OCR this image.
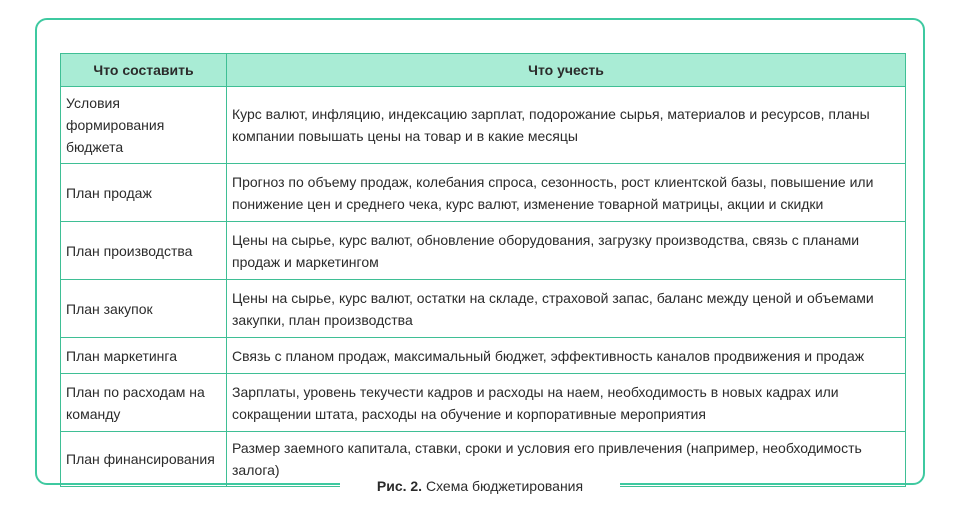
Что составить	Что учесть
Условия формирования бюджета	Курс валют, инфляцию, индексацию зарплат, подорожание сырья, материалов и ресурсов, планы компании повышать цены на товар и в какие месяцы
План продаж	Прогноз по объему продаж, колебания спроса, сезонность, рост клиентской базы, повышение или понижение цен и среднего чека, курс валют, изменение товарной матрицы, акции и скидки
План производства	Цены на сырье, курс валют, обновление оборудования, загрузку производства, связь с планами продаж и маркетингом
План закупок	Цены на сырье, курс валют, остатки на складе, страховой запас, баланс между ценой и объемами закупки, план производства
План маркетинга	Связь с планом продаж, максимальный бюджет, эффективность каналов продвижения и продаж
План по расходам на команду	Зарплаты, уровень текучести кадров и расходы на наем, необходимость в новых кадрах или сокращении штата, расходы на обучение и корпоративные мероприятия
План финансирования	Размер заемного капитала, ставки, сроки и условия его привлечения (например, необходимость залога)
Рис. 2. Схема бюджетирования
